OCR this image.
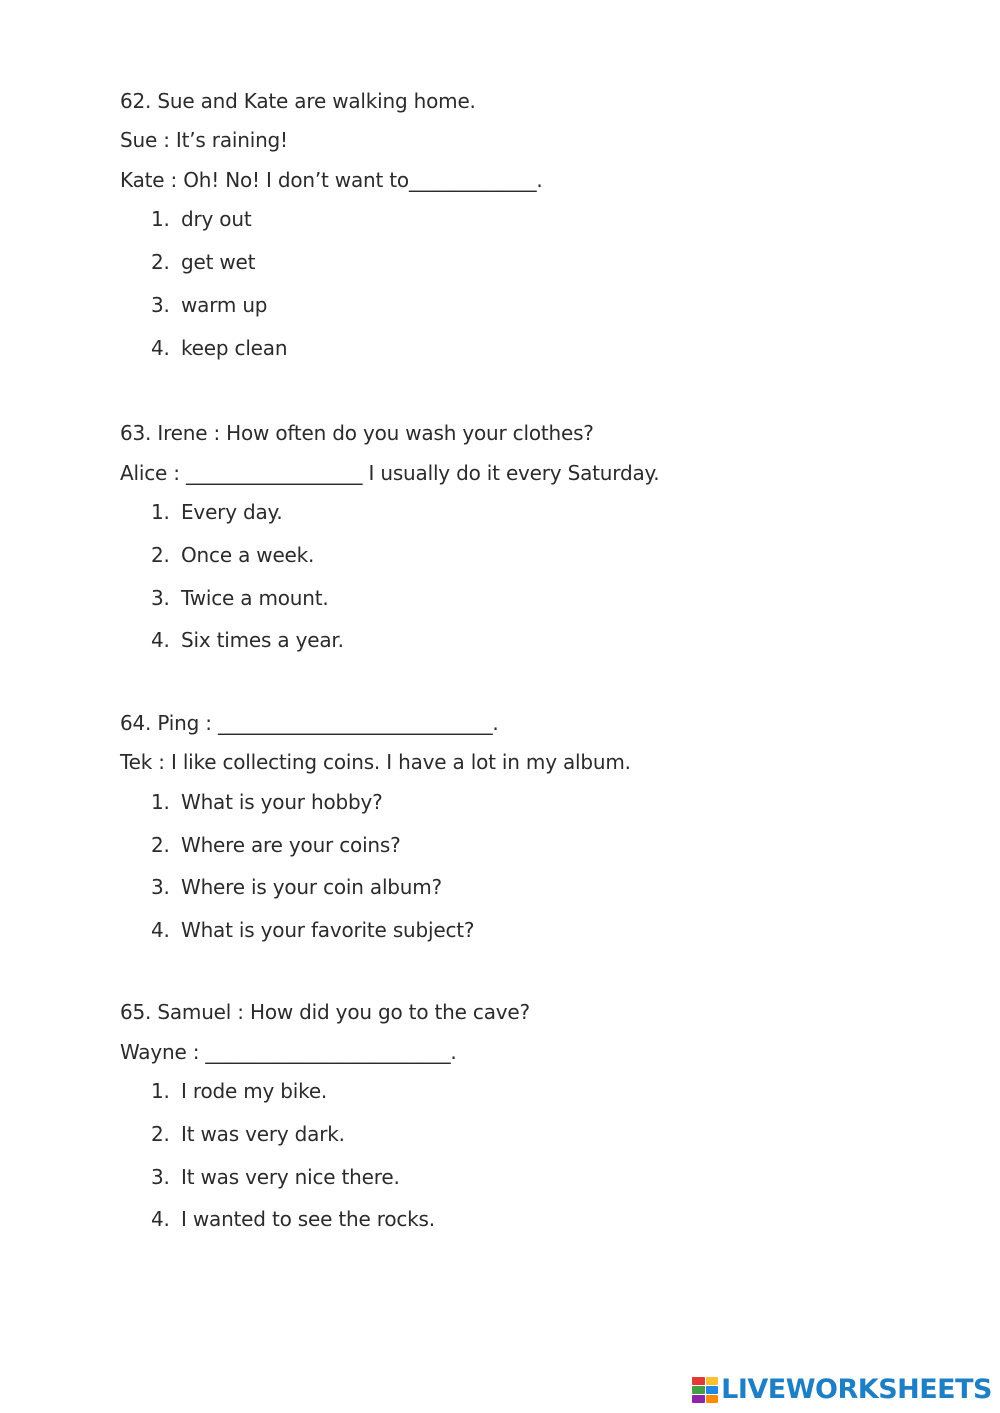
62. Sue and Kate are walking home.
Sue : It’s raining!
Kate : Oh! No! I don’t want to_____________.
1. dry out
2. get wet
3. warm up
4. keep clean
63. Irene : How often do you wash your clothes?
Alice : __________________ I usually do it every Saturday.
1. Every day.
2. Once a week.
3. Twice a mount.
4. Six times a year.
64. Ping : ____________________________.
Tek : I like collecting coins. I have a lot in my album.
1. What is your hobby?
2. Where are your coins?
3. Where is your coin album?
4. What is your favorite subject?
65. Samuel : How did you go to the cave?
Wayne : _________________________.
1. I rode my bike.
2. It was very dark.
3. It was very nice there.
4. I wanted to see the rocks.
LIVEWORKSHEETS
